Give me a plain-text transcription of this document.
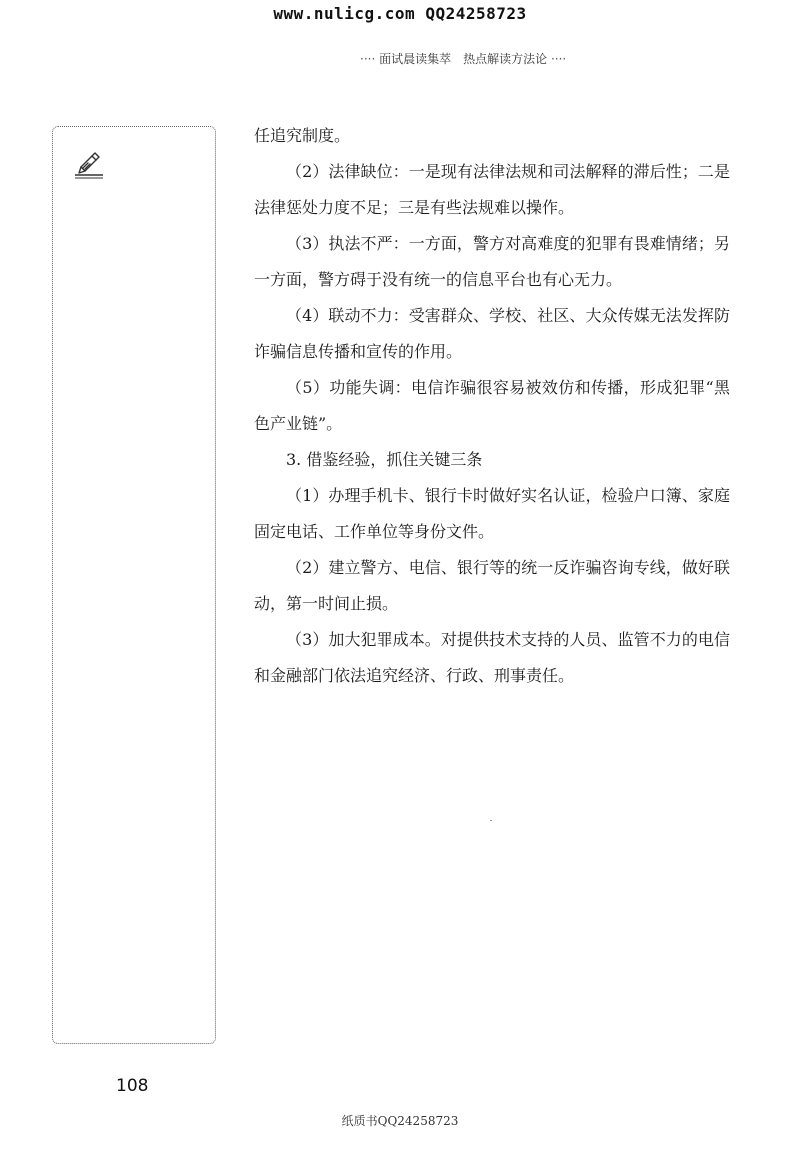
www.nulicg.com QQ24258723
···· 面试晨读集萃　热点解读方法论 ····

任追究制度。

（2）法律缺位：一是现有法律法规和司法解释的滞后性；二是法律惩处力度不足；三是有些法规难以操作。

（3）执法不严：一方面，警方对高难度的犯罪有畏难情绪；另一方面，警方碍于没有统一的信息平台也有心无力。

（4）联动不力：受害群众、学校、社区、大众传媒无法发挥防诈骗信息传播和宣传的作用。

（5）功能失调：电信诈骗很容易被效仿和传播，形成犯罪“黑色产业链”。

3. 借鉴经验，抓住关键三条

（1）办理手机卡、银行卡时做好实名认证，检验户口簿、家庭固定电话、工作单位等身份文件。

（2）建立警方、电信、银行等的统一反诈骗咨询专线，做好联动，第一时间止损。

（3）加大犯罪成本。对提供技术支持的人员、监管不力的电信和金融部门依法追究经济、行政、刑事责任。

108
纸质书QQ24258723
